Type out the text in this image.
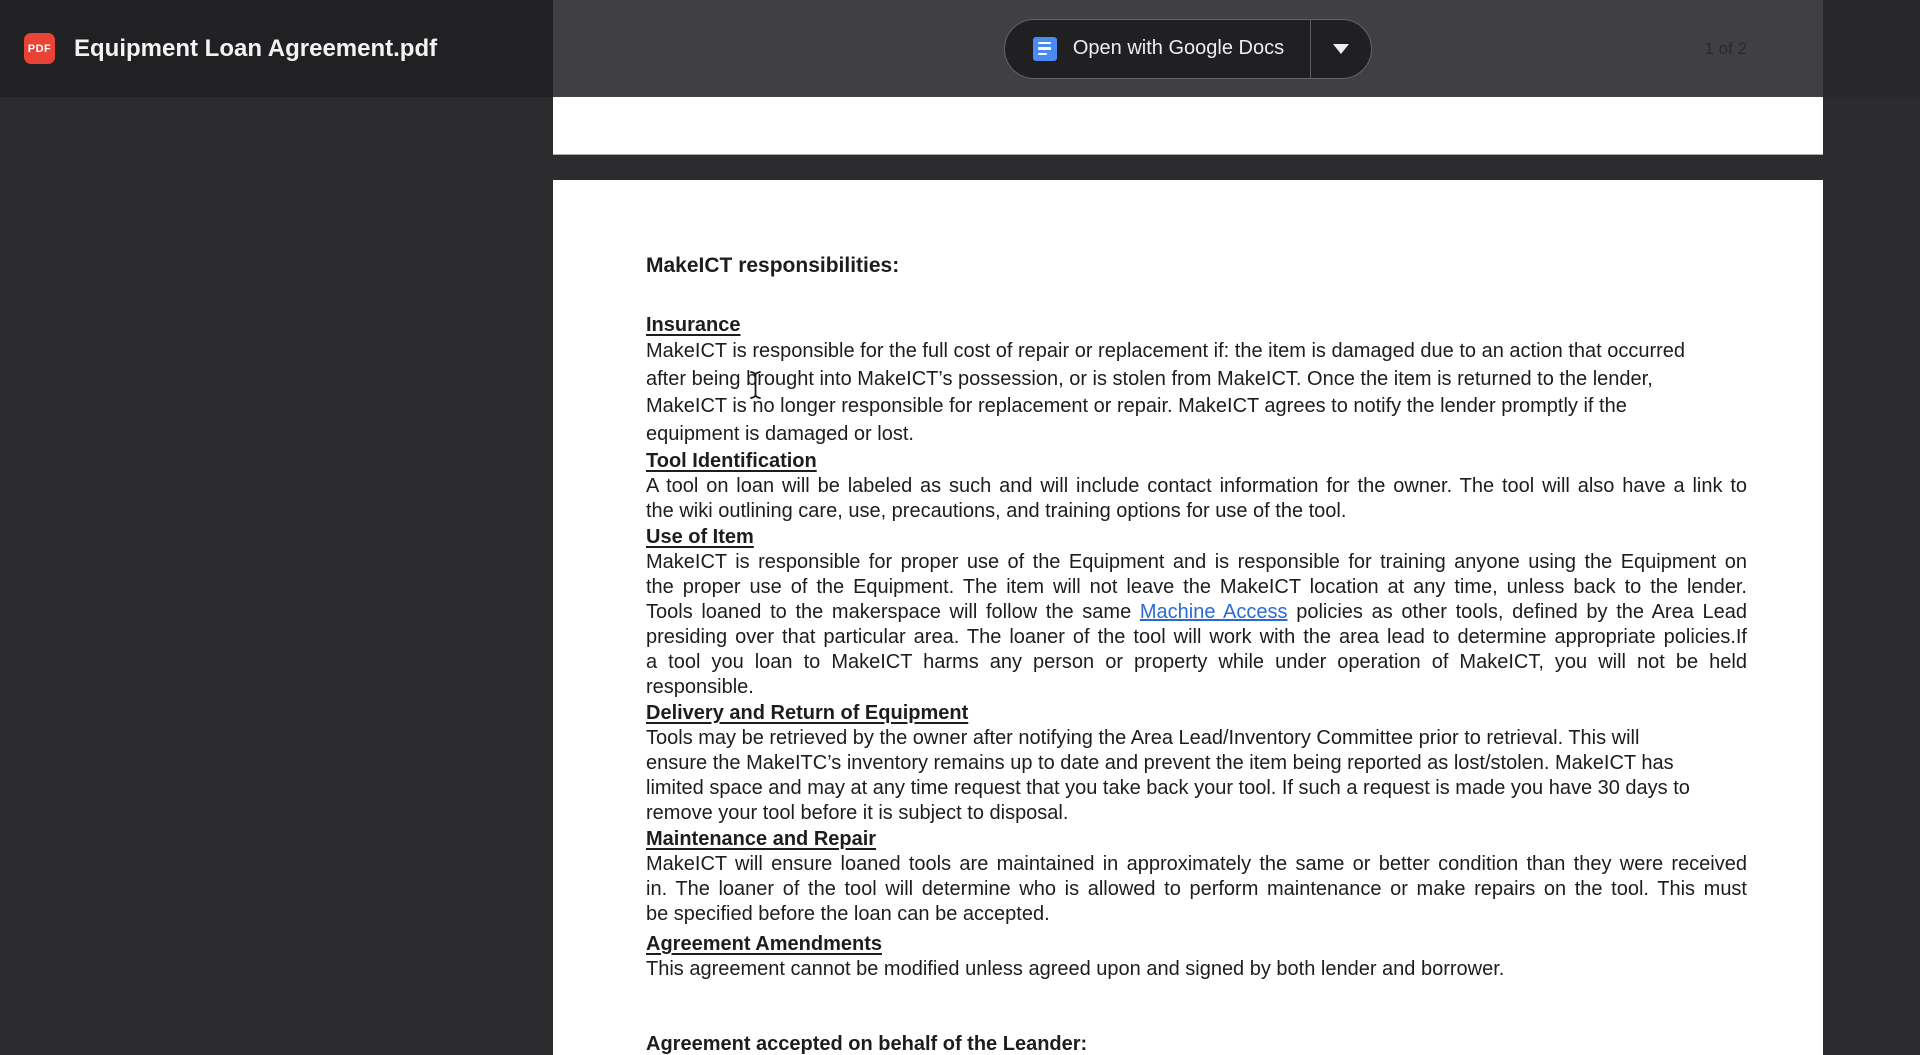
PDF Equipment Loan Agreement.pdf	Open with Google Docs	1 of 2
MakeICT responsibilities:
Insurance
MakeICT is responsible for the full cost of repair or replacement if: the item is damaged due to an action that occurred
after being brought into MakeICT’s possession, or is stolen from MakeICT. Once the item is returned to the lender,
MakeICT is no longer responsible for replacement or repair. MakeICT agrees to notify the lender promptly if the
equipment is damaged or lost.
Tool Identification
A tool on loan will be labeled as such and will include contact information for the owner. The tool will also have a link to
the wiki outlining care, use, precautions, and training options for use of the tool.
Use of Item
MakeICT is responsible for proper use of the Equipment and is responsible for training anyone using the Equipment on
the proper use of the Equipment. The item will not leave the MakeICT location at any time, unless back to the lender.
Tools loaned to the makerspace will follow the same Machine Access policies as other tools, defined by the Area Lead
presiding over that particular area. The loaner of the tool will work with the area lead to determine appropriate policies.If
a tool you loan to MakeICT harms any person or property while under operation of MakeICT, you will not be held
responsible.
Delivery and Return of Equipment
Tools may be retrieved by the owner after notifying the Area Lead/Inventory Committee prior to retrieval. This will
ensure the MakeITC’s inventory remains up to date and prevent the item being reported as lost/stolen. MakeICT has
limited space and may at any time request that you take back your tool. If such a request is made you have 30 days to
remove your tool before it is subject to disposal.
Maintenance and Repair
MakeICT will ensure loaned tools are maintained in approximately the same or better condition than they were received
in. The loaner of the tool will determine who is allowed to perform maintenance or make repairs on the tool. This must
be specified before the loan can be accepted.
Agreement Amendments
This agreement cannot be modified unless agreed upon and signed by both lender and borrower.
Agreement accepted on behalf of the Leander:
